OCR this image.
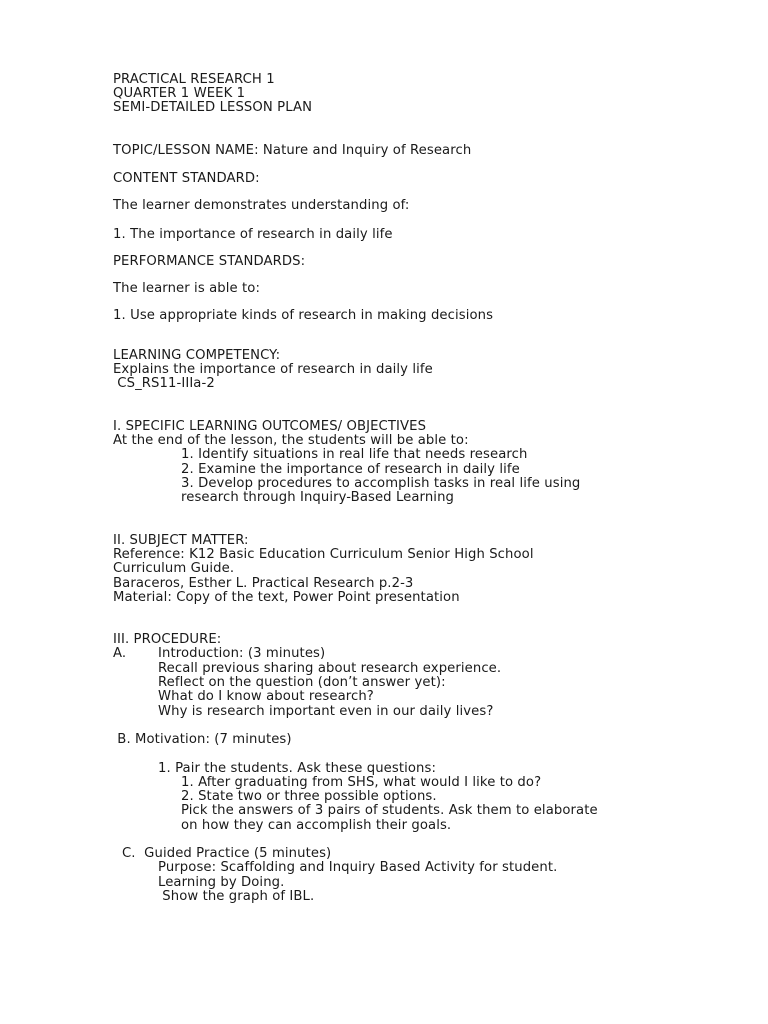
PRACTICAL RESEARCH 1
QUARTER 1 WEEK 1
SEMI-DETAILED LESSON PLAN
TOPIC/LESSON NAME: Nature and Inquiry of Research
CONTENT STANDARD:
The learner demonstrates understanding of:
1. The importance of research in daily life
PERFORMANCE STANDARDS:
The learner is able to:
1. Use appropriate kinds of research in making decisions
LEARNING COMPETENCY:
Explains the importance of research in daily life
CS_RS11-IIIa-2
I. SPECIFIC LEARNING OUTCOMES/ OBJECTIVES
At the end of the lesson, the students will be able to:
1. Identify situations in real life that needs research
2. Examine the importance of research in daily life
3. Develop procedures to accomplish tasks in real life using
research through Inquiry-Based Learning
II. SUBJECT MATTER:
Reference: K12 Basic Education Curriculum Senior High School
Curriculum Guide.
Baraceros, Esther L. Practical Research p.2-3
Material: Copy of the text, Power Point presentation
III. PROCEDURE:
A. Introduction: (3 minutes)
Recall previous sharing about research experience.
Reflect on the question (don’t answer yet):
What do I know about research?
Why is research important even in our daily lives?
B. Motivation: (7 minutes)
1. Pair the students. Ask these questions:
1. After graduating from SHS, what would I like to do?
2. State two or three possible options.
Pick the answers of 3 pairs of students. Ask them to elaborate
on how they can accomplish their goals.
C.  Guided Practice (5 minutes)
Purpose: Scaffolding and Inquiry Based Activity for student.
Learning by Doing.
Show the graph of IBL.
